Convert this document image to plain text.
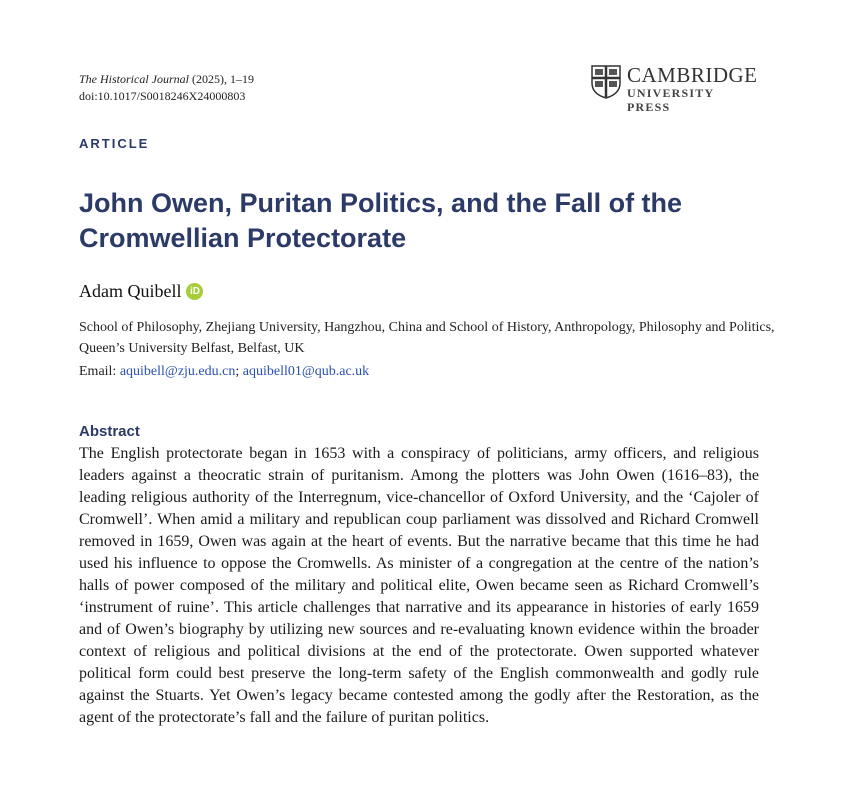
The Historical Journal (2025), 1–19
doi:10.1017/S0018246X24000803
CAMBRIDGE
UNIVERSITY PRESS
ARTICLE
John Owen, Puritan Politics, and the Fall of the Cromwellian Protectorate
Adam Quibell iD
School of Philosophy, Zhejiang University, Hangzhou, China and School of History, Anthropology, Philosophy and Politics, Queen’s University Belfast, Belfast, UK
Email: aquibell@zju.edu.cn; aquibell01@qub.ac.uk
Abstract

The English protectorate began in 1653 with a conspiracy of politicians, army officers, and religious leaders against a theocratic strain of puritanism. Among the plotters was John Owen (1616–83), the leading religious authority of the Interregnum, vice-chancellor of Oxford University, and the ‘Cajoler of Cromwell’. When amid a military and republican coup parliament was dissolved and Richard Cromwell removed in 1659, Owen was again at the heart of events. But the narrative became that this time he had used his influence to oppose the Cromwells. As minister of a congregation at the centre of the nation’s halls of power composed of the military and political elite, Owen became seen as Richard Cromwell’s ‘instrument of ruine’. This article challenges that narrative and its appearance in histories of early 1659 and of Owen’s biography by utilizing new sources and re-evaluating known evidence within the broader context of religious and political divisions at the end of the protectorate. Owen supported whatever political form could best preserve the long-term safety of the English commonwealth and godly rule against the Stuarts. Yet Owen’s legacy became contested among the godly after the Restoration, as the agent of the protectorate’s fall and the failure of puritan politics.
